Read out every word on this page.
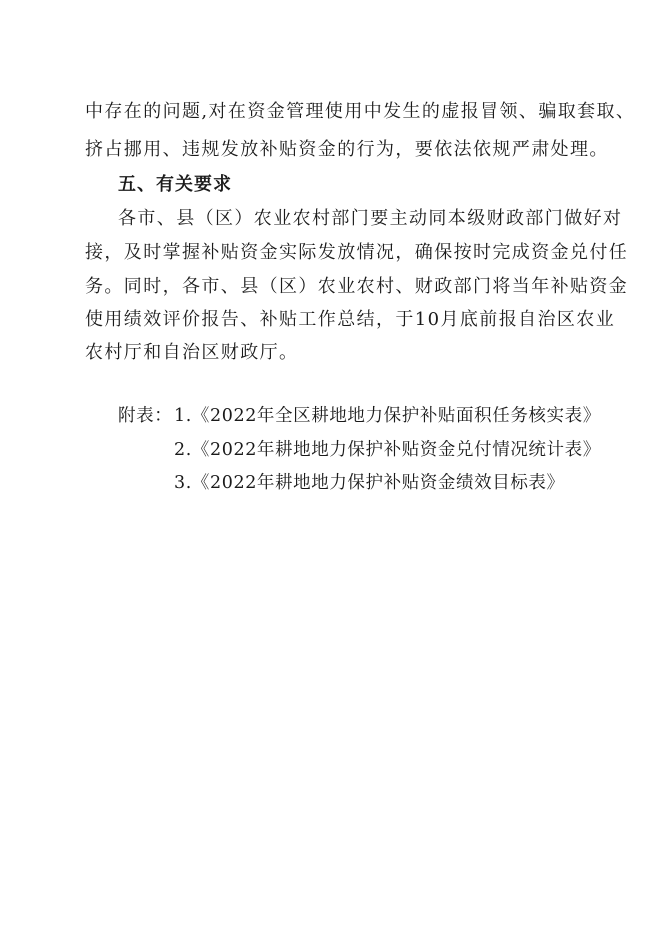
中存在的问题,对在资金管理使用中发生的虚报冒领、骗取套取、
挤占挪用、违规发放补贴资金的行为，要依法依规严肃处理。
五、有关要求
各市、县（区）农业农村部门要主动同本级财政部门做好对
接，及时掌握补贴资金实际发放情况，确保按时完成资金兑付任
务。同时，各市、县（区）农业农村、财政部门将当年补贴资金
使用绩效评价报告、补贴工作总结，于10月底前报自治区农业
农村厅和自治区财政厅。
附表： 1.《2022年全区耕地地力保护补贴面积任务核实表》
2.《2022年耕地地力保护补贴资金兑付情况统计表》
3.《2022年耕地地力保护补贴资金绩效目标表》
